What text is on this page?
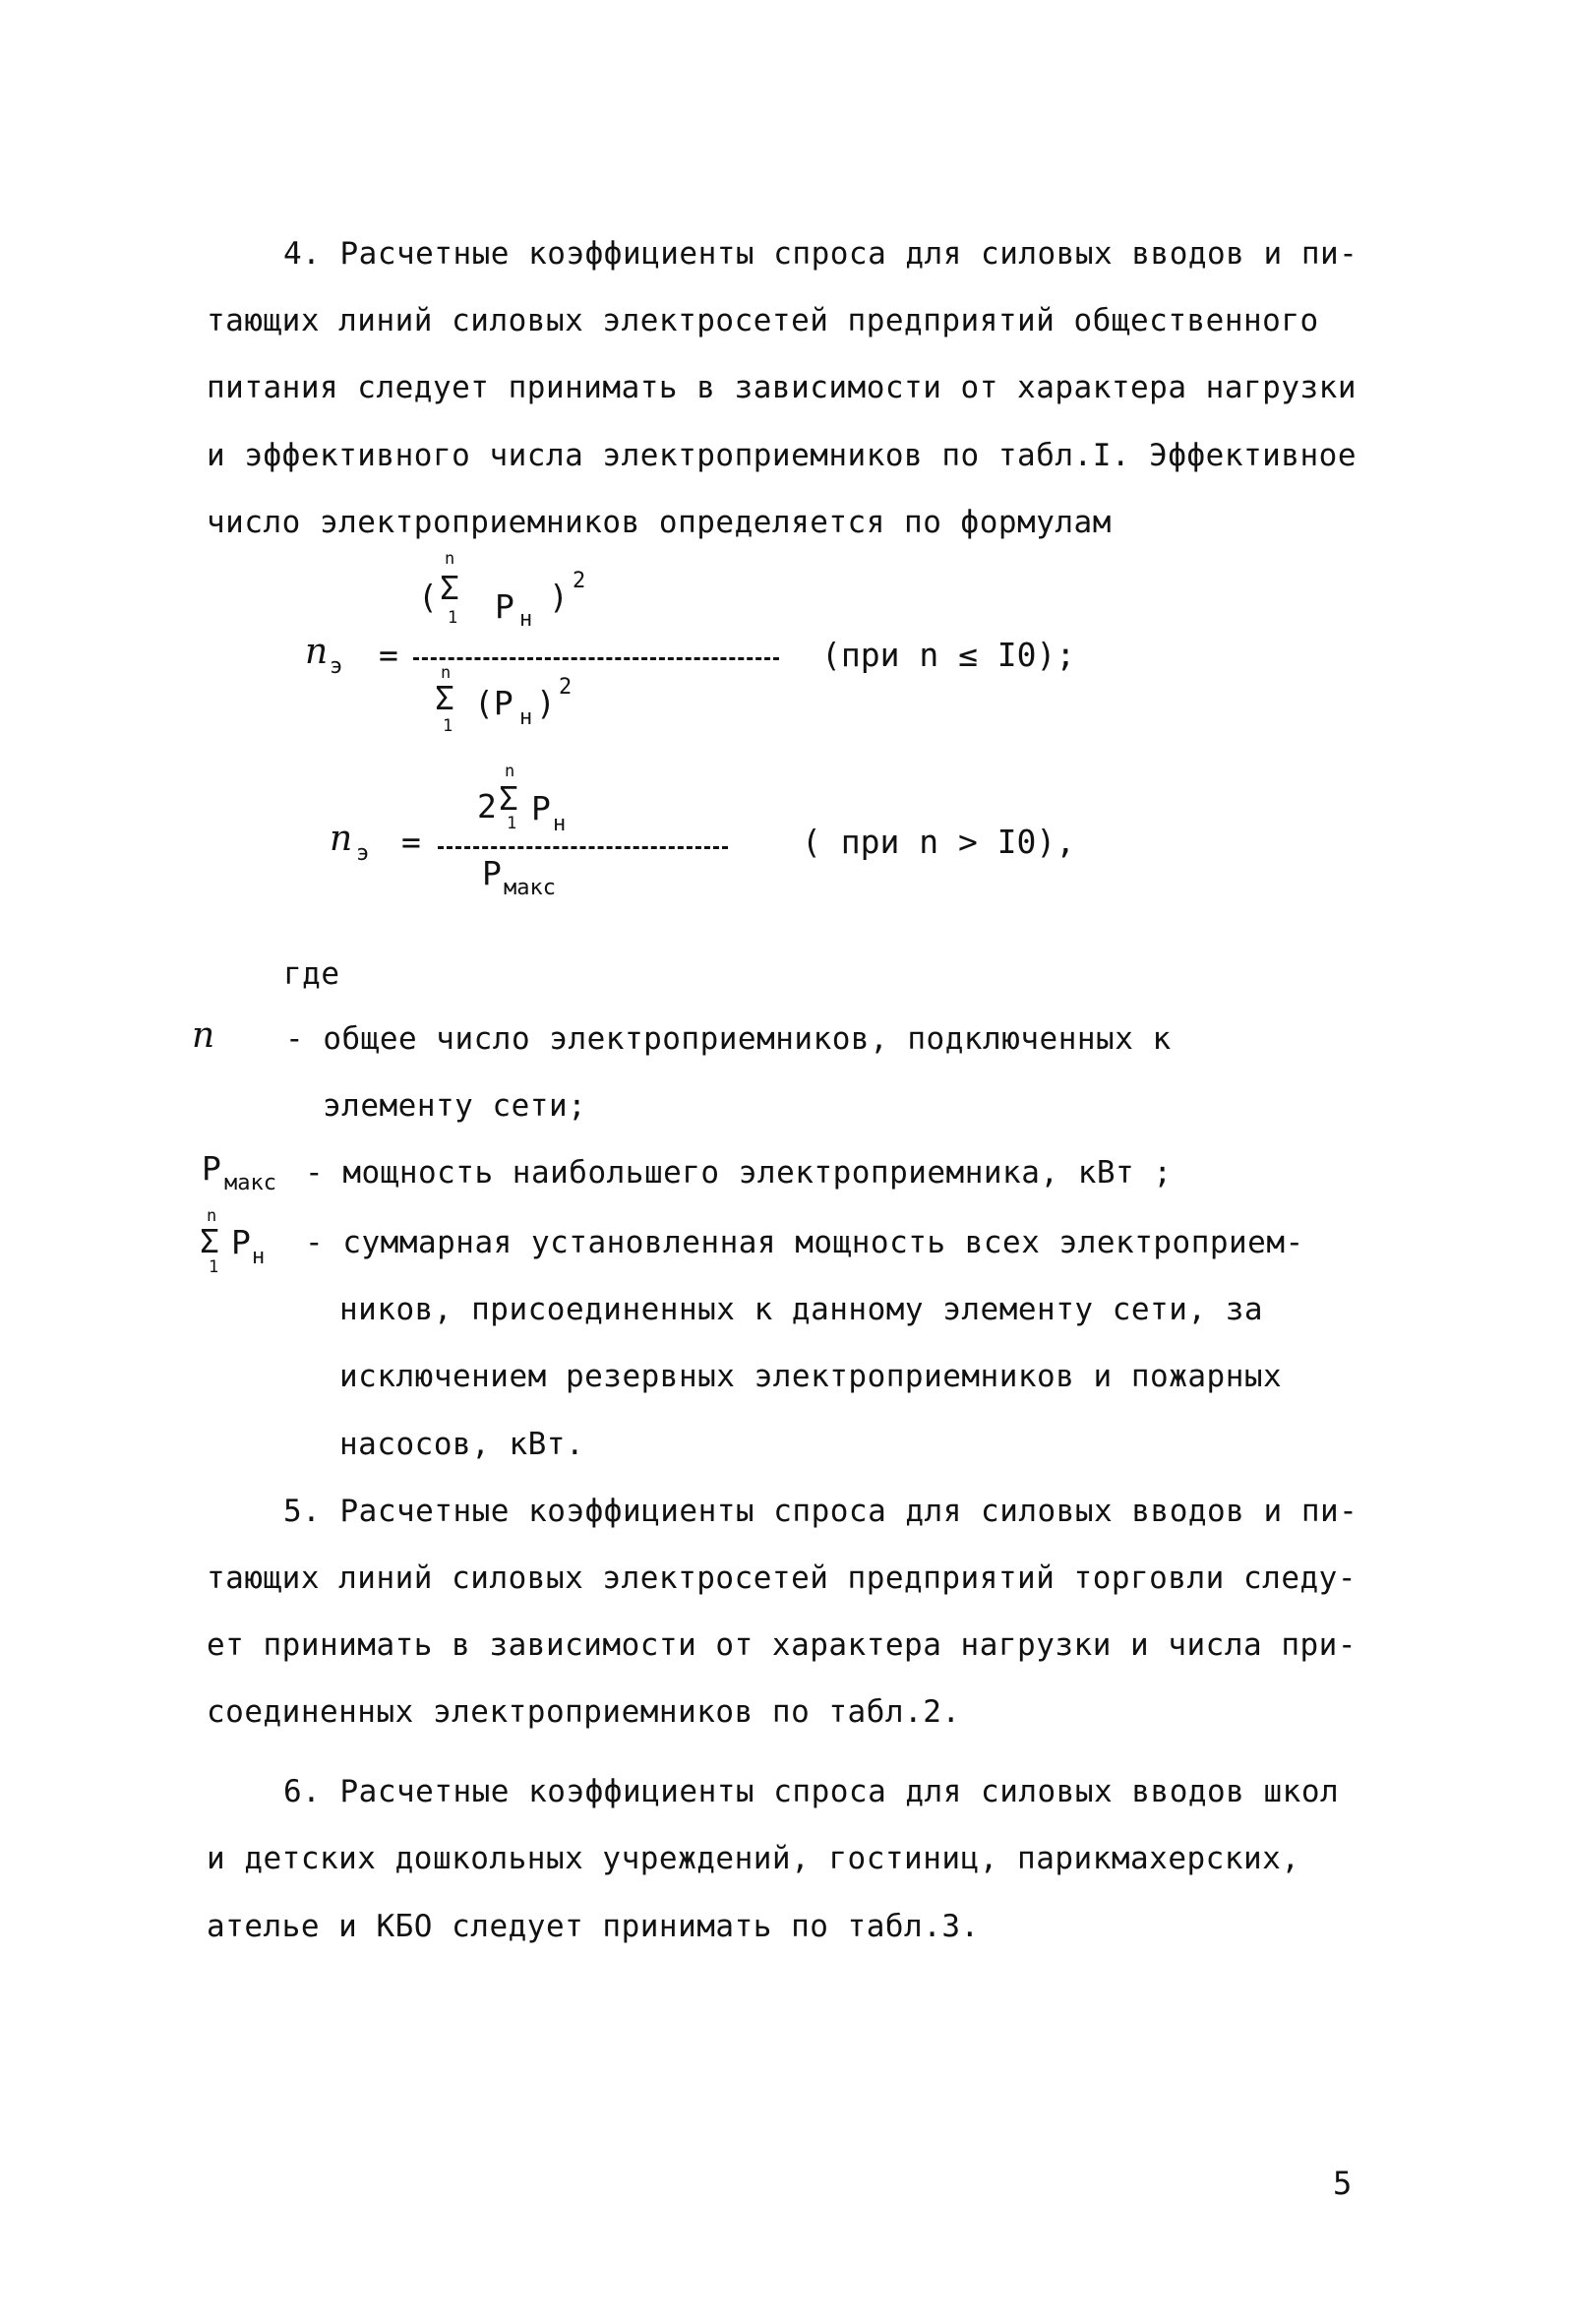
4. Расчетные коэффициенты спроса для силовых вводов и пи-
тающих линий силовых электросетей предприятий общественного
питания следует принимать в зависимости от характера нагрузки
и эффективного числа электроприемников по табл.I. Эффективное
число электроприемников определяется по формулам
n э =
(
n
Σ
1 P н
) 2
n
Σ
1
(P н ) 2
(при n ≤ I0);
n э =
2
n
Σ
1 P н
P макс
( при n > I0),
где
n - общее число электроприемников, подключенных к
элементу сети;
P макс - мощность наибольшего электроприемника, кВт ;
n
Σ
1
P н - суммарная установленная мощность всех электроприем-
ников, присоединенных к данному элементу сети, за
исключением резервных электроприемников и пожарных
насосов, кВт.
5. Расчетные коэффициенты спроса для силовых вводов и пи-
тающих линий силовых электросетей предприятий торговли следу-
ет принимать в зависимости от характера нагрузки и числа при-
соединенных электроприемников по табл.2.
6. Расчетные коэффициенты спроса для силовых вводов школ
и детских дошкольных учреждений, гостиниц, парикмахерских,
ателье и КБО следует принимать по табл.3.
5
